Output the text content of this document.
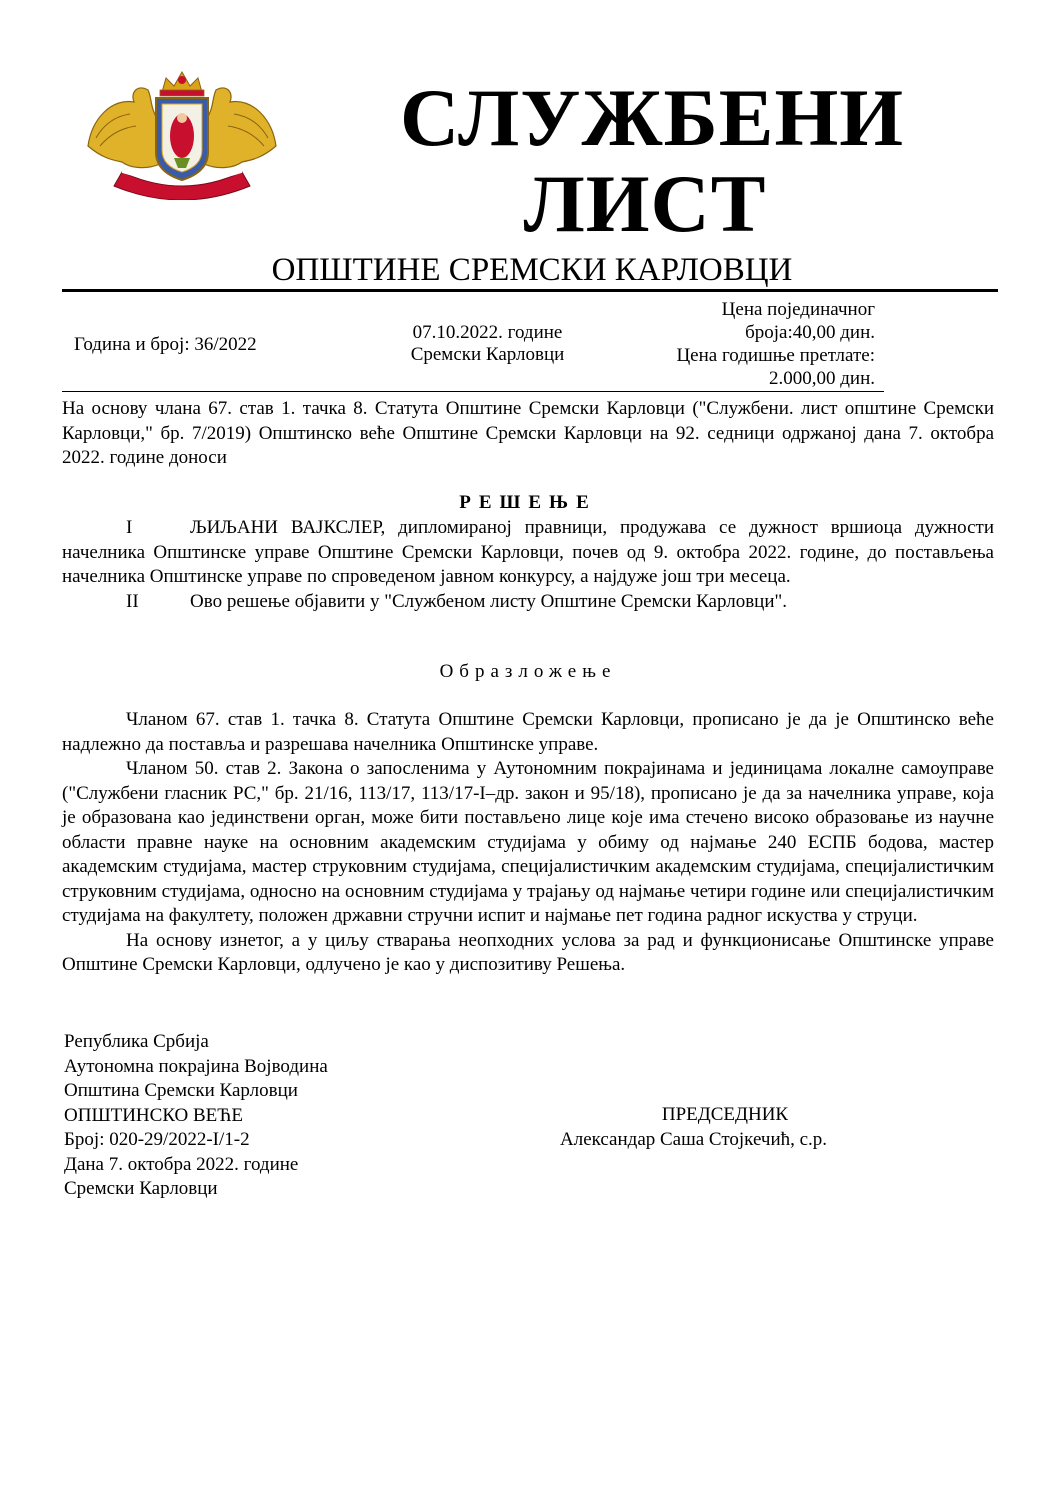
СЛУЖБЕНИ
ЛИСТ
ОПШТИНЕ СРЕМСКИ КАРЛОВЦИ
Година и број: 36/2022
07.10.2022. године
Сремски Карловци
Цена појединачног
броја:40,00 дин.
Цена годишње претлате:
2.000,00 дин.

На основу члана 67. став 1. тачка 8. Статута Општине Сремски Карловци ("Службени. лист општине Сремски Карловци," бр. 7/2019) Општинско веће Општине Сремски Карловци на 92. седници одржаној дана 7. октобра 2022. године доноси

РЕШЕЊЕ

I	ЉИЉАНИ ВАЈКСЛЕР, дипломираној правници, продужава се дужност вршиоца дужности начелника Општинске управе Општине Сремски Карловци, почев од 9. октобра 2022. године, до постављења начелника Општинске управе по спроведеном јавном конкурсу, а најдуже још три месеца.

II	Ово решење објавити у "Службеном листу Општине Сремски Карловци".

Образложење

Чланом 67. став 1. тачка 8. Статута Општине Сремски Карловци, прописано је да је Општинско веће надлежно да поставља и разрешава начелника Општинске управе.

Чланом 50. став 2. Закона о запосленима у Аутономним покрајинама и јединицама локалне самоуправе ("Службени гласник РС," бр. 21/16, 113/17, 113/17-I–др. закон и 95/18), прописано је да за начелника управе, која је образована као јединствени орган, може бити постављено лице које има стечено високо образовање из научне области правне науке на основним академским студијама у обиму од најмање 240 ЕСПБ бодова, мастер академским студијама, мастер струковним студијама, специјалистичким академским студијама, специјалистичким струковним студијама, односно на основним студијама у трајању од најмање четири године или специјалистичким студијама на факултету, положен државни стручни испит и најмање пет година радног искуства у струци.

На основу изнетог, а у циљу стварања неопходних услова за рад и функционисање Општинске управе Општине Сремски Карловци, одлучено је као у диспозитиву Решења.

Република Србија
Аутономна покрајина Војводина
Општина Сремски Карловци
ОПШТИНСКО ВЕЋЕ
Број: 020-29/2022-I/1-2
Дана 7. октобра 2022. године
Сремски Карловци
ПРЕДСЕДНИК
Александар Саша Стојкечић, с.р.
